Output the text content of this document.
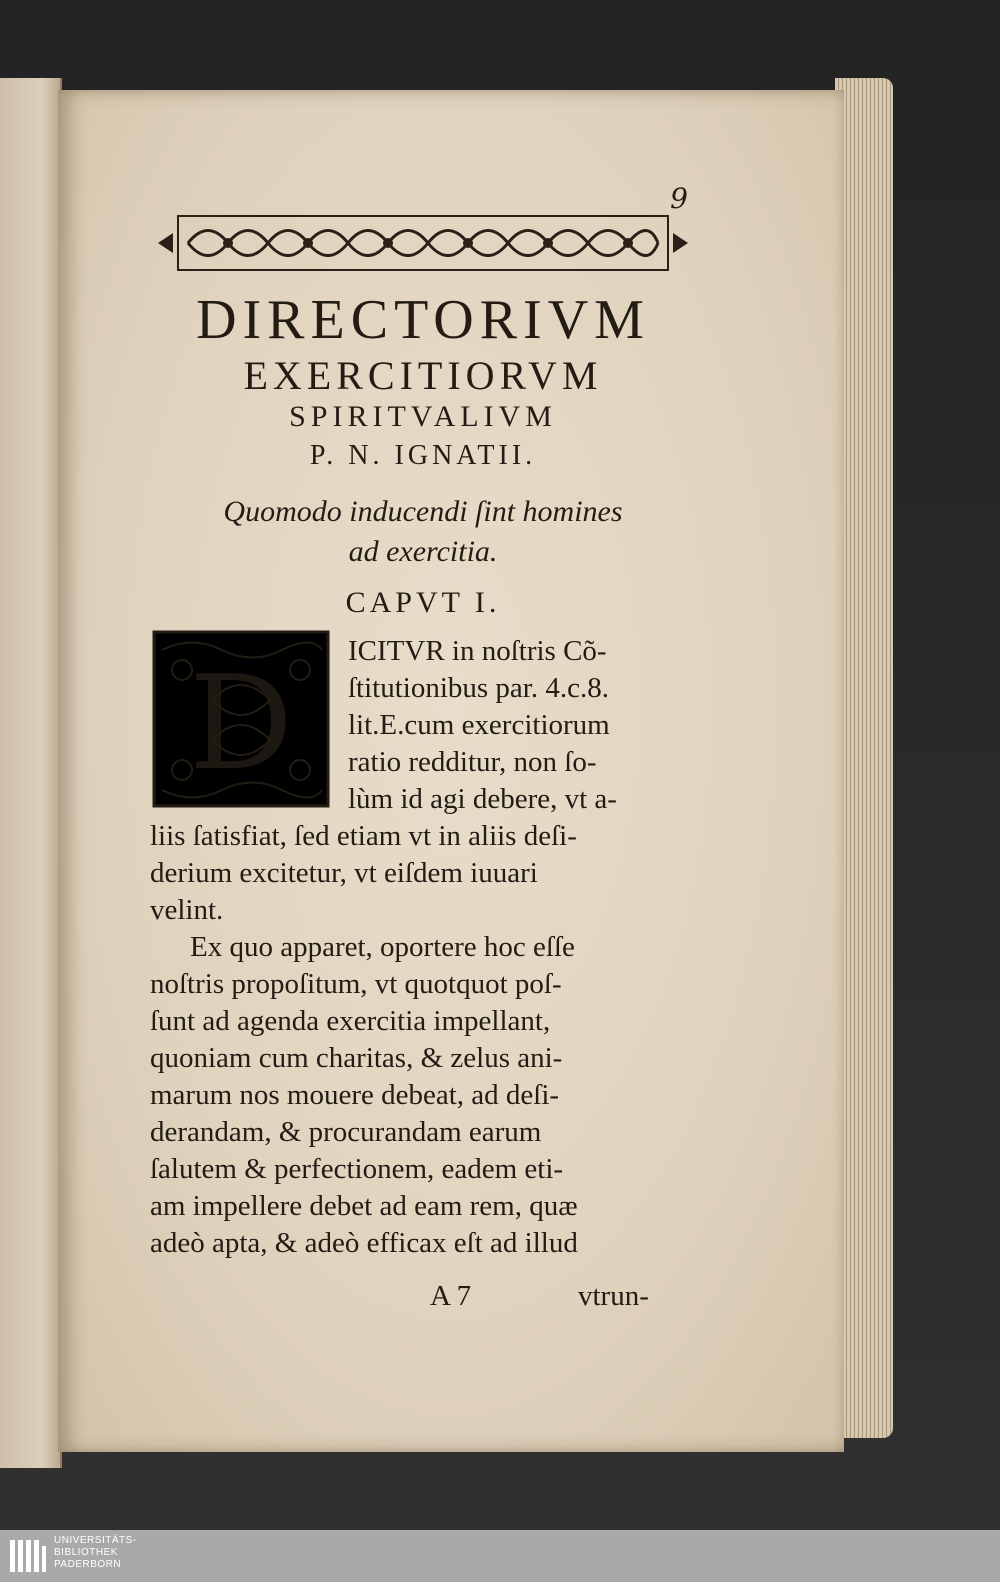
9
DIRECTORIVM
EXERCITIORVM
SPIRITVALIVM
P. N. IGNATII.
Quomodo inducendi ſint homines
ad exercitia.
CAPVT I.
D ICITVR in noſtris Cõ-
ſtitutionibus par. 4.c.8.
lit.E.cum exercitiorum
ratio redditur, non ſo-
lùm id agi debere, vt a-
liis ſatisfiat, ſed etiam vt in aliis deſi-
derium excitetur, vt eiſdem iuuari
velint.
Ex quo apparet, oportere hoc eſſe
noſtris propoſitum, vt quotquot poſ-
ſunt ad agenda exercitia impellant,
quoniam cum charitas, & zelus ani-
marum nos mouere debeat, ad deſi-
derandam, & procurandam earum
ſalutem & perfectionem, eadem eti-
am impellere debet ad eam rem, quæ
adeò apta, & adeò efficax eſt ad illud
A 7	vtrun-
UNIVERSITÄTS-
BIBLIOTHEK
PADERBORN
